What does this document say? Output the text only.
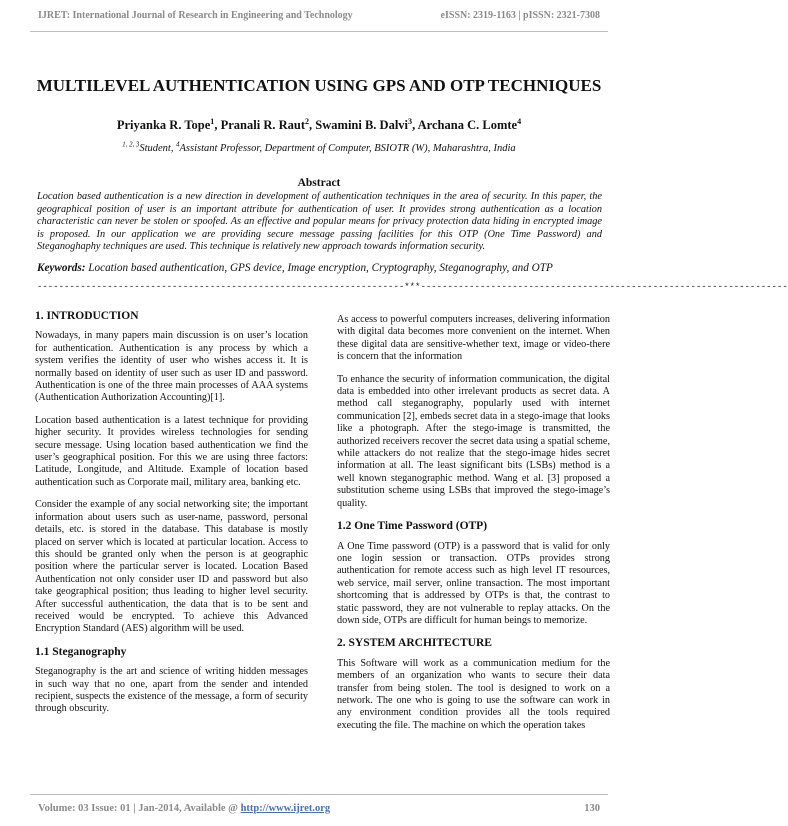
IJRET: International Journal of Research in Engineering and Technology	eISSN: 2319-1163 | pISSN: 2321-7308
MULTILEVEL AUTHENTICATION USING GPS AND OTP TECHNIQUES
Priyanka R. Tope$^1$, Pranali R. Raut$^2$, Swamini B. Dalvi$^3$, Archana C. Lomte$^4$
$^{1, 2, 3}$Student, $^4$Assistant Professor, Department of Computer, BSIOTR (W), Maharashtra, India
Abstract
Location based authentication is a new direction in development of authentication techniques in the area of security. In this paper, the geographical position of user is an important attribute for authentication of user. It provides strong authentication as a location characteristic can never be stolen or spoofed. As an effective and popular means for privacy protection data hiding in encrypted image is proposed. In our application we are providing secure message passing facilities for this OTP (One Time Password) and Steganoghaphy techniques are used. This technique is relatively new approach towards information security.
Keywords: Location based authentication, GPS device, Image encryption, Cryptography, Steganography, and OTP
--------------------------------------------------------------------***--------------------------------------------------------------------
1. INTRODUCTION

Nowadays, in many papers main discussion is on user’s location for authentication. Authentication is any process by which a system verifies the identity of user who wishes access it. It is normally based on identity of user such as user ID and password. Authentication is one of the three main processes of AAA systems (Authentication Authorization Accounting)[1].

Location based authentication is a latest technique for providing higher security. It provides wireless technologies for sending secure message. Using location based authentication we find the user’s geographical position. For this we are using three factors: Latitude, Longitude, and Altitude. Example of location based authentication such as Corporate mail, military area, banking etc.

Consider the example of any social networking site; the important information about users such as user-name, password, personal details, etc. is stored in the database. This database is mostly placed on server which is located at particular location. Access to this should be granted only when the person is at geographic position where the particular server is located. Location Based Authentication not only consider user ID and password but also take geographical position; thus leading to higher level security. After successful authentication, the data that is to be sent and received would be encrypted. To achieve this Advanced Encryption Standard (AES) algorithm will be used.

1.1 Steganography

Steganography is the art and science of writing hidden messages in such way that no one, apart from the sender and intended recipient, suspects the existence of the message, a form of security through obscurity.

As access to powerful computers increases, delivering information with digital data becomes more convenient on the internet. When these digital data are sensitive-whether text, image or video-there is concern that the information

To enhance the security of information communication, the digital data is embedded into other irrelevant products as secret data. A method call steganography, popularly used with internet communication [2], embeds secret data in a stego-image that looks like a photograph. After the stego-image is transmitted, the authorized receivers recover the secret data using a spatial scheme, while attackers do not realize that the stego-image hides secret information at all. The least significant bits (LSBs) method is a well known steganographic method. Wang et al. [3] proposed a substitution scheme using LSBs that improved the stego-image’s quality.

1.2 One Time Password (OTP)

A One Time password (OTP) is a password that is valid for only one login session or transaction. OTPs provides strong authentication for remote access such as high level IT resources, web service, mail server, online transaction. The most important shortcoming that is addressed by OTPs is that, the contrast to static password, they are not vulnerable to replay attacks. On the down side, OTPs are difficult for human beings to memorize.

2. SYSTEM ARCHITECTURE

This Software will work as a communication medium for the members of an organization who wants to secure their data transfer from being stolen. The tool is designed to work on a network. The one who is going to use the software can work in any environment condition provides all the tools required executing the file. The machine on which the operation takes

Volume: 03 Issue: 01 | Jan-2014, Available @ http://www.ijret.org	130
